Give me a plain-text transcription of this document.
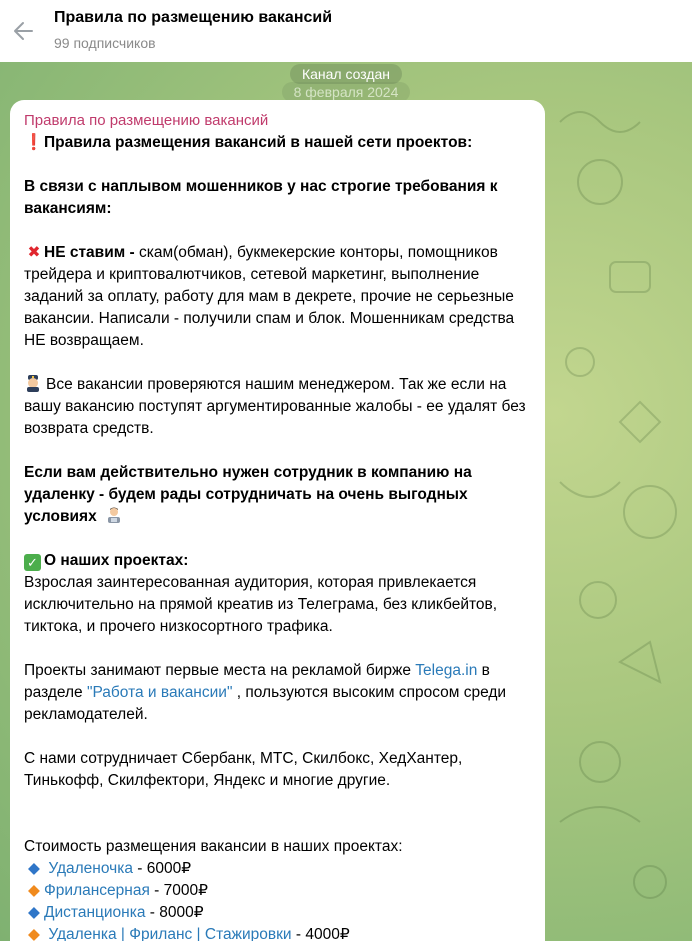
Правила по размещению вакансий
99 подписчиков
Канал создан
8 февраля 2024
Правила по размещению вакансий

❗Правила размещения вакансий в нашей сети проектов:

В связи с наплывом мошенников у нас строгие требования к вакансиям:

✖ НЕ ставим - скам(обман), букмекерские конторы, помощников трейдера и криптовалютчиков, сетевой маркетинг, выполнение заданий за оплату, работу для мам в декрете, прочие не серьезные вакансии. Написали - получили спам и блок. Мошенникам средства НЕ возвращаем.

Все вакансии проверяются нашим менеджером. Так же если на вашу вакансию поступят аргументированные жалобы - ее удалят без возврата средств.

Если вам действительно нужен сотрудник в компанию на удаленку - будем рады сотрудничать на очень выгодных условиях

✓ О наших проектах:
Взрослая заинтересованная аудитория, которая привлекается исключительно на прямой креатив из Телеграма, без кликбейтов, тиктока, и прочего низкосортного трафика.

Проекты занимают первые места на рекламой бирже Telega.in в разделе "Работа и вакансии" , пользуются высоким спросом среди рекламодателей.

С нами сотрудничает Сбербанк, МТС, Скилбокс, ХедХантер, Тинькофф, Скилфектори, Яндекс и многие другие.

Стоимость размещения вакансии в наших проектах:

◆ Удаленочка - 6000₽
◆ Фрилансерная - 7000₽
◆ Дистанционка - 8000₽
◆ Удаленка | Фриланс | Стажировки - 4000₽
